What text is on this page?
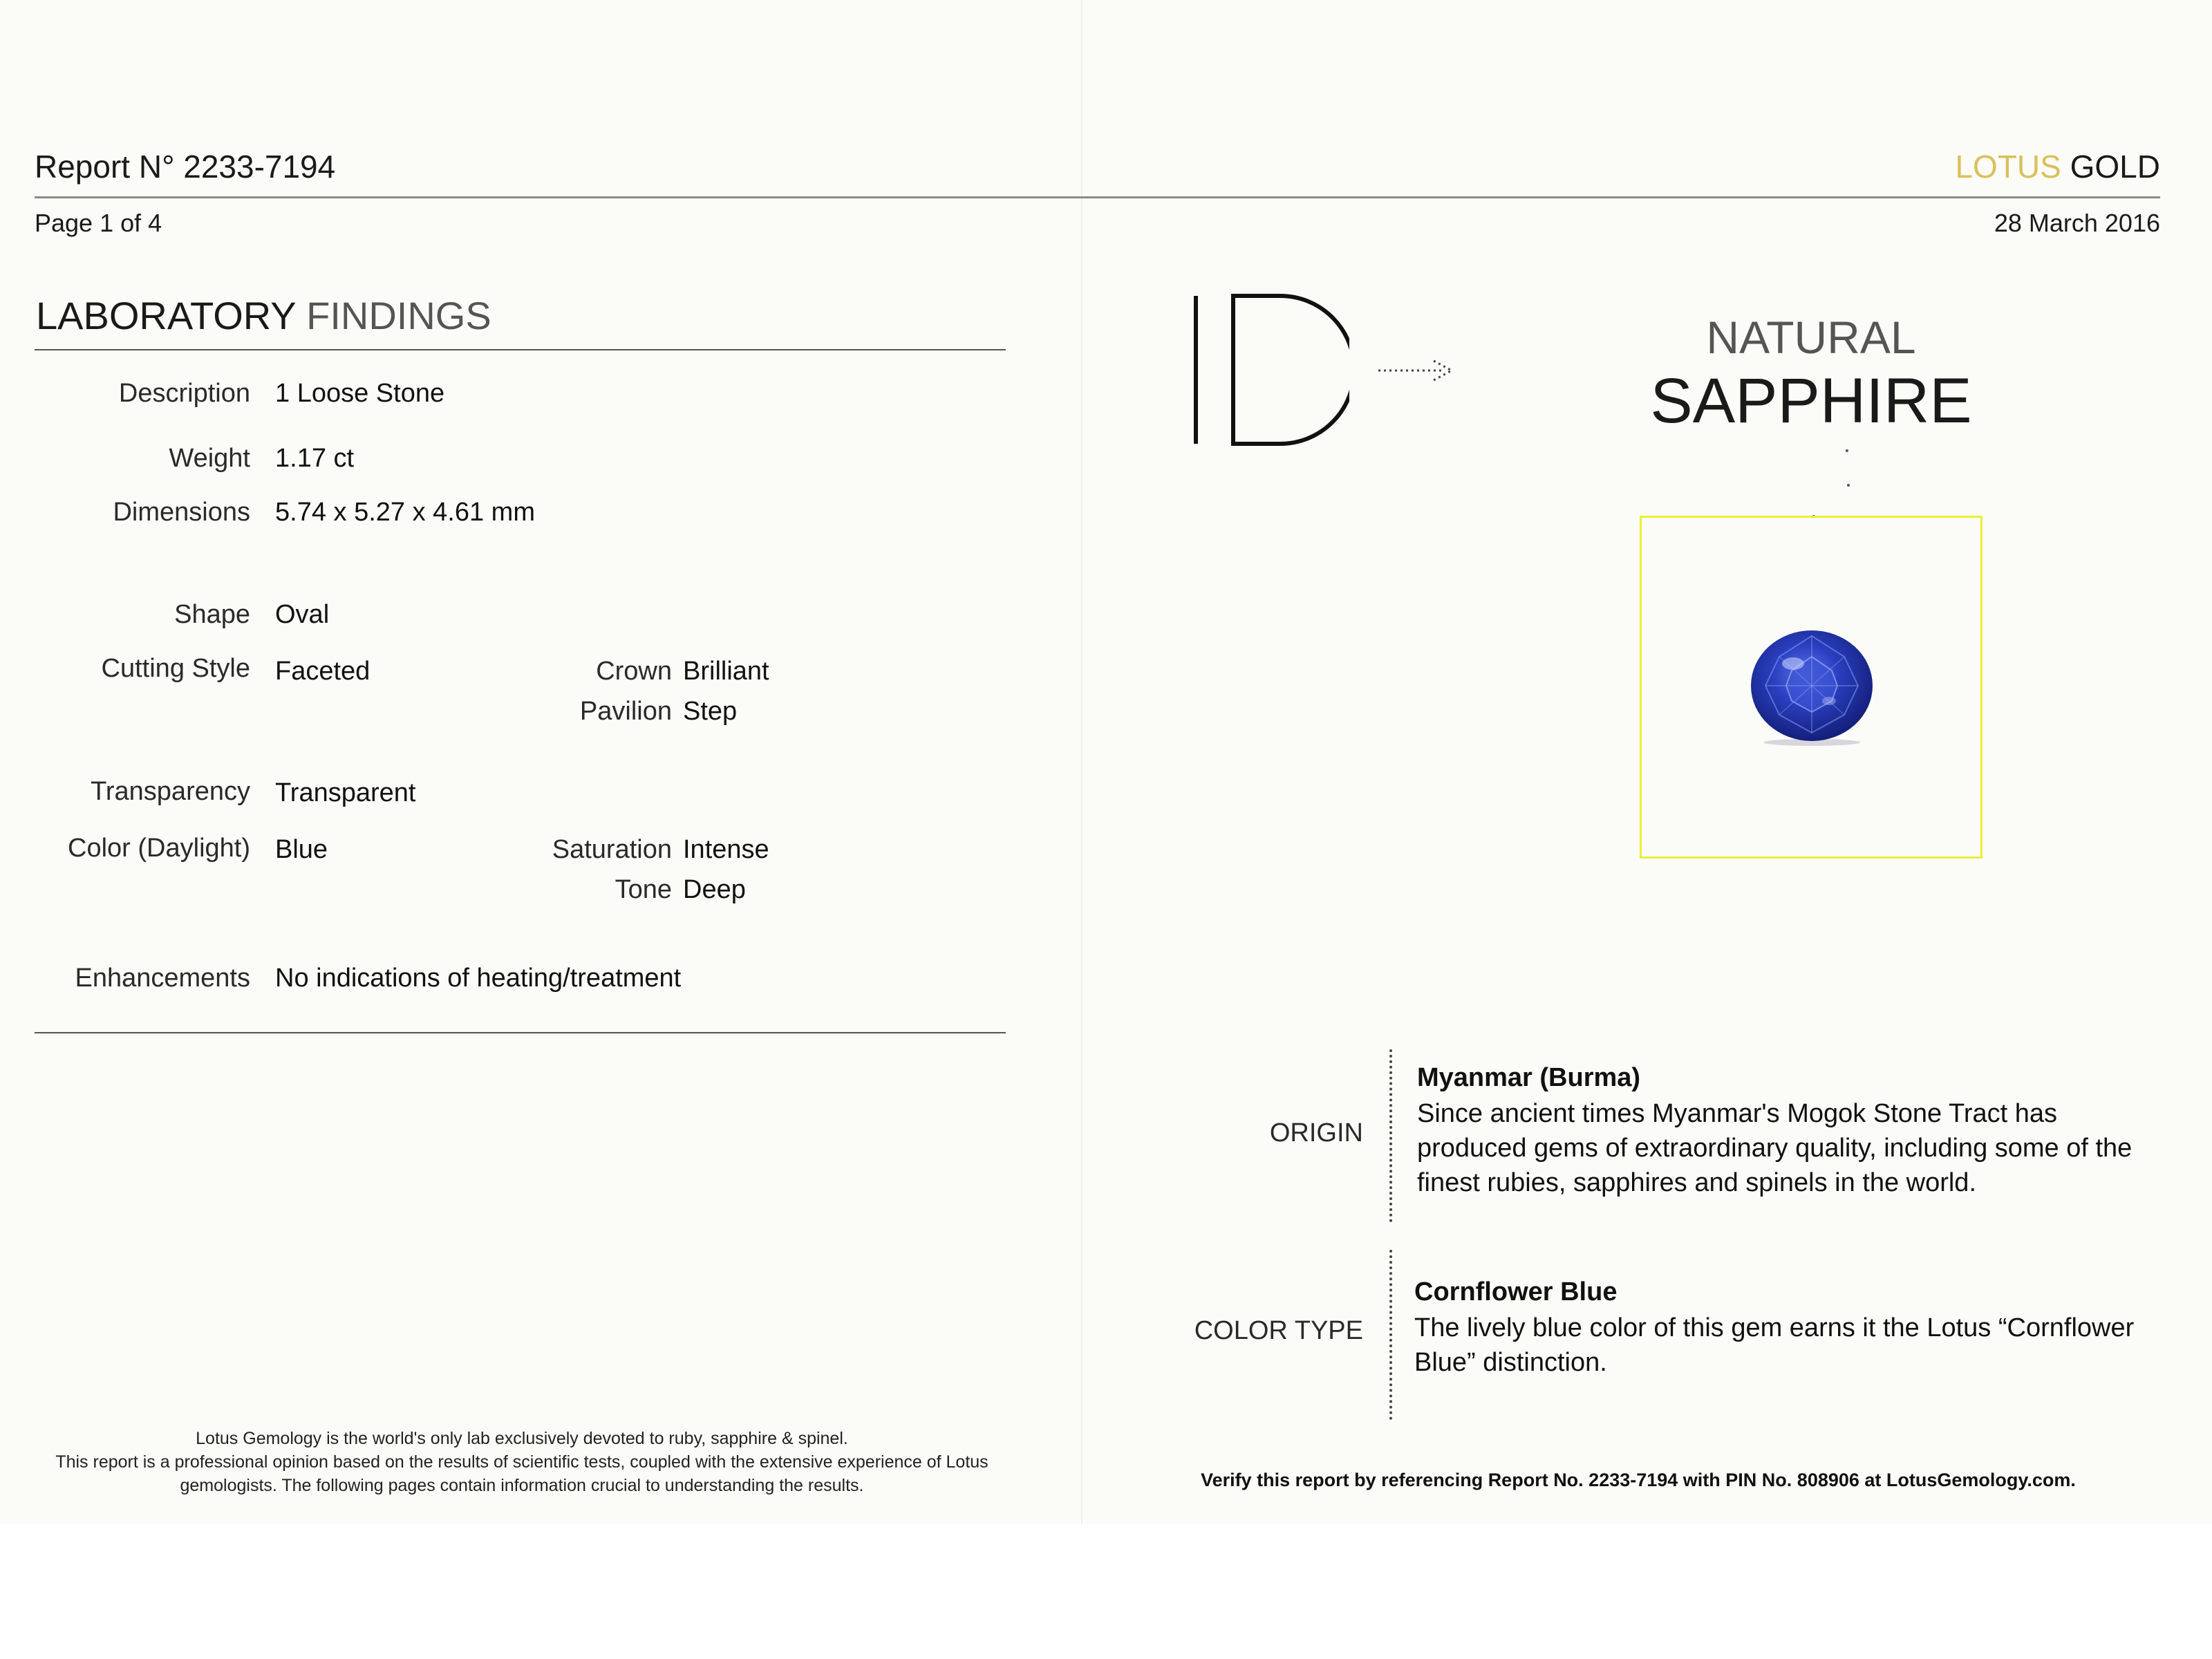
Report N° 2233-7194	LOTUS GOLD
Page 1 of 4	28 March 2016
LABORATORY FINDINGS
Description 1 Loose Stone
Weight 1.17 ct
Dimensions 5.74 x 5.27 x 4.61 mm
Shape Oval
Cutting Style Faceted	Crown Brilliant
Pavilion Step
Transparency Transparent
Color (Daylight) Blue	Saturation Intense
Tone Deep
Enhancements No indications of heating/treatment
Lotus Gemology is the world's only lab exclusively devoted to ruby, sapphire & spinel.
This report is a professional opinion based on the results of scientific tests, coupled with the extensive experience of Lotus
gemologists. The following pages contain information crucial to understanding the results.
NATURAL
SAPPHIRE
ORIGIN
Myanmar (Burma)
Since ancient times Myanmar's Mogok Stone Tract has
produced gems of extraordinary quality, including some of the
finest rubies, sapphires and spinels in the world.
COLOR TYPE
Cornflower Blue
The lively blue color of this gem earns it the Lotus “Cornflower
Blue” distinction.
Verify this report by referencing Report No. 2233-7194 with PIN No. 808906 at LotusGemology.com.
